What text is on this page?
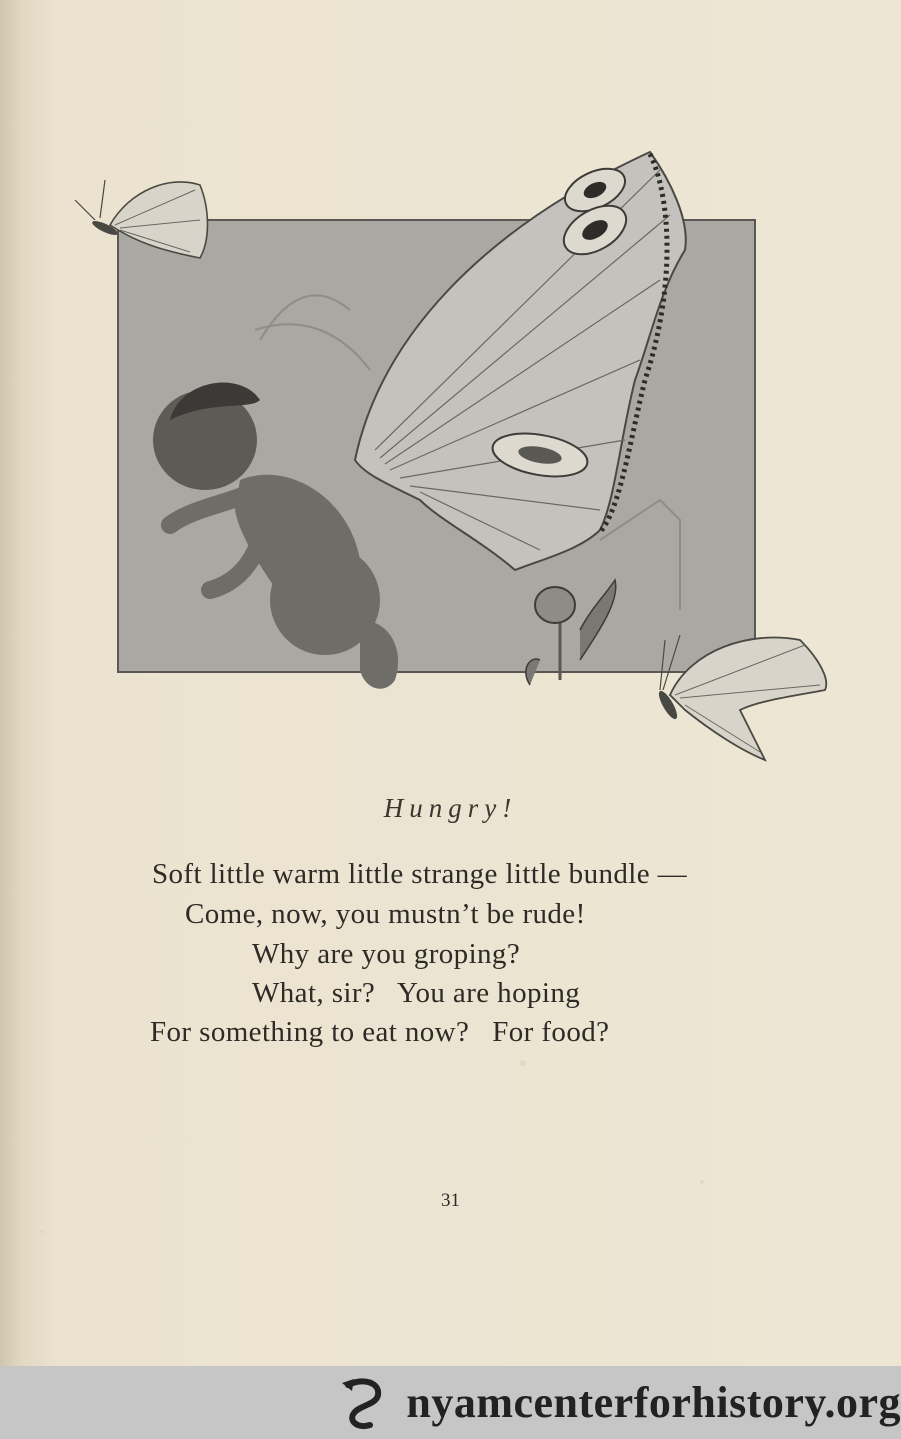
Hungry!
Soft little warm little strange little bundle —
Come, now, you mustn’t be rude!
Why are you groping?
What, sir?   You are hoping
For something to eat now?   For food?
31
nyamcenterforhistory.org
